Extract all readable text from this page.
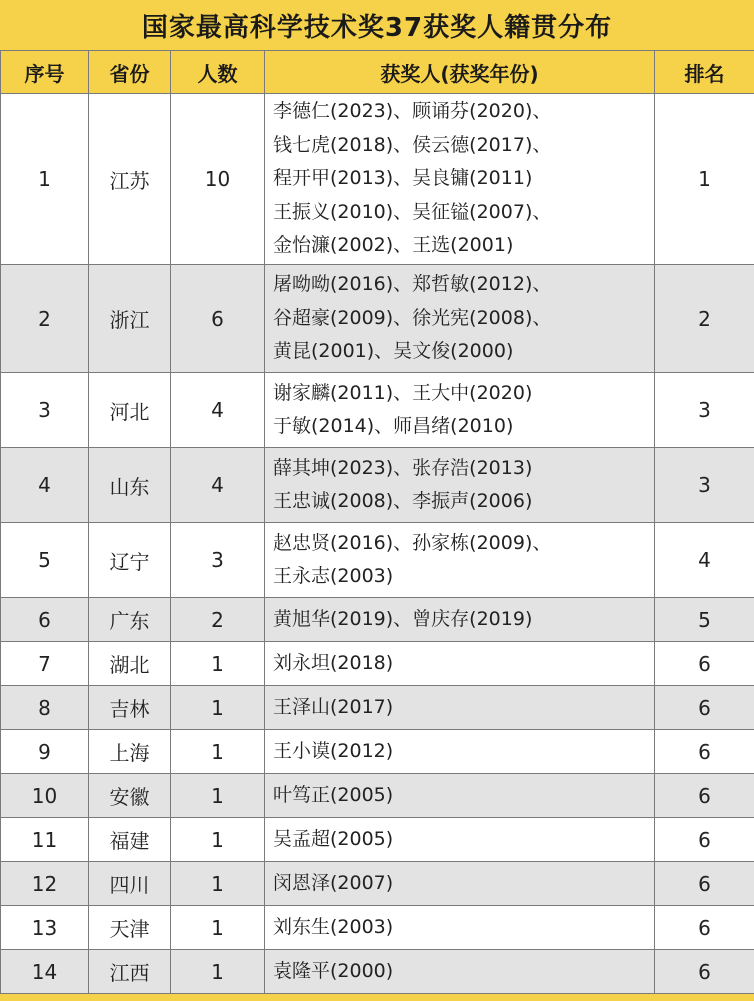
国家最高科学技术奖37获奖人籍贯分布
序号	省份	人数	获奖人(获奖年份)	排名
1	江苏	10	李德仁(2023)、顾诵芬(2020)、
钱七虎(2018)、侯云德(2017)、
程开甲(2013)、吴良镛(2011)
王振义(2010)、吴征镒(2007)、
金怡濂(2002)、王选(2001)	1
2	浙江	6	屠呦呦(2016)、郑哲敏(2012)、
谷超豪(2009)、徐光宪(2008)、
黄昆(2001)、吴文俊(2000)	2
3	河北	4	谢家麟(2011)、王大中(2020)
于敏(2014)、师昌绪(2010)	3
4	山东	4	薛其坤(2023)、张存浩(2013)
王忠诚(2008)、李振声(2006)	3
5	辽宁	3	赵忠贤(2016)、孙家栋(2009)、
王永志(2003)	4
6	广东	2	黄旭华(2019)、曾庆存(2019)	5
7	湖北	1	刘永坦(2018)	6
8	吉林	1	王泽山(2017)	6
9	上海	1	王小谟(2012)	6
10	安徽	1	叶笃正(2005)	6
11	福建	1	吴孟超(2005)	6
12	四川	1	闵恩泽(2007)	6
13	天津	1	刘东生(2003)	6
14	江西	1	袁隆平(2000)	6
